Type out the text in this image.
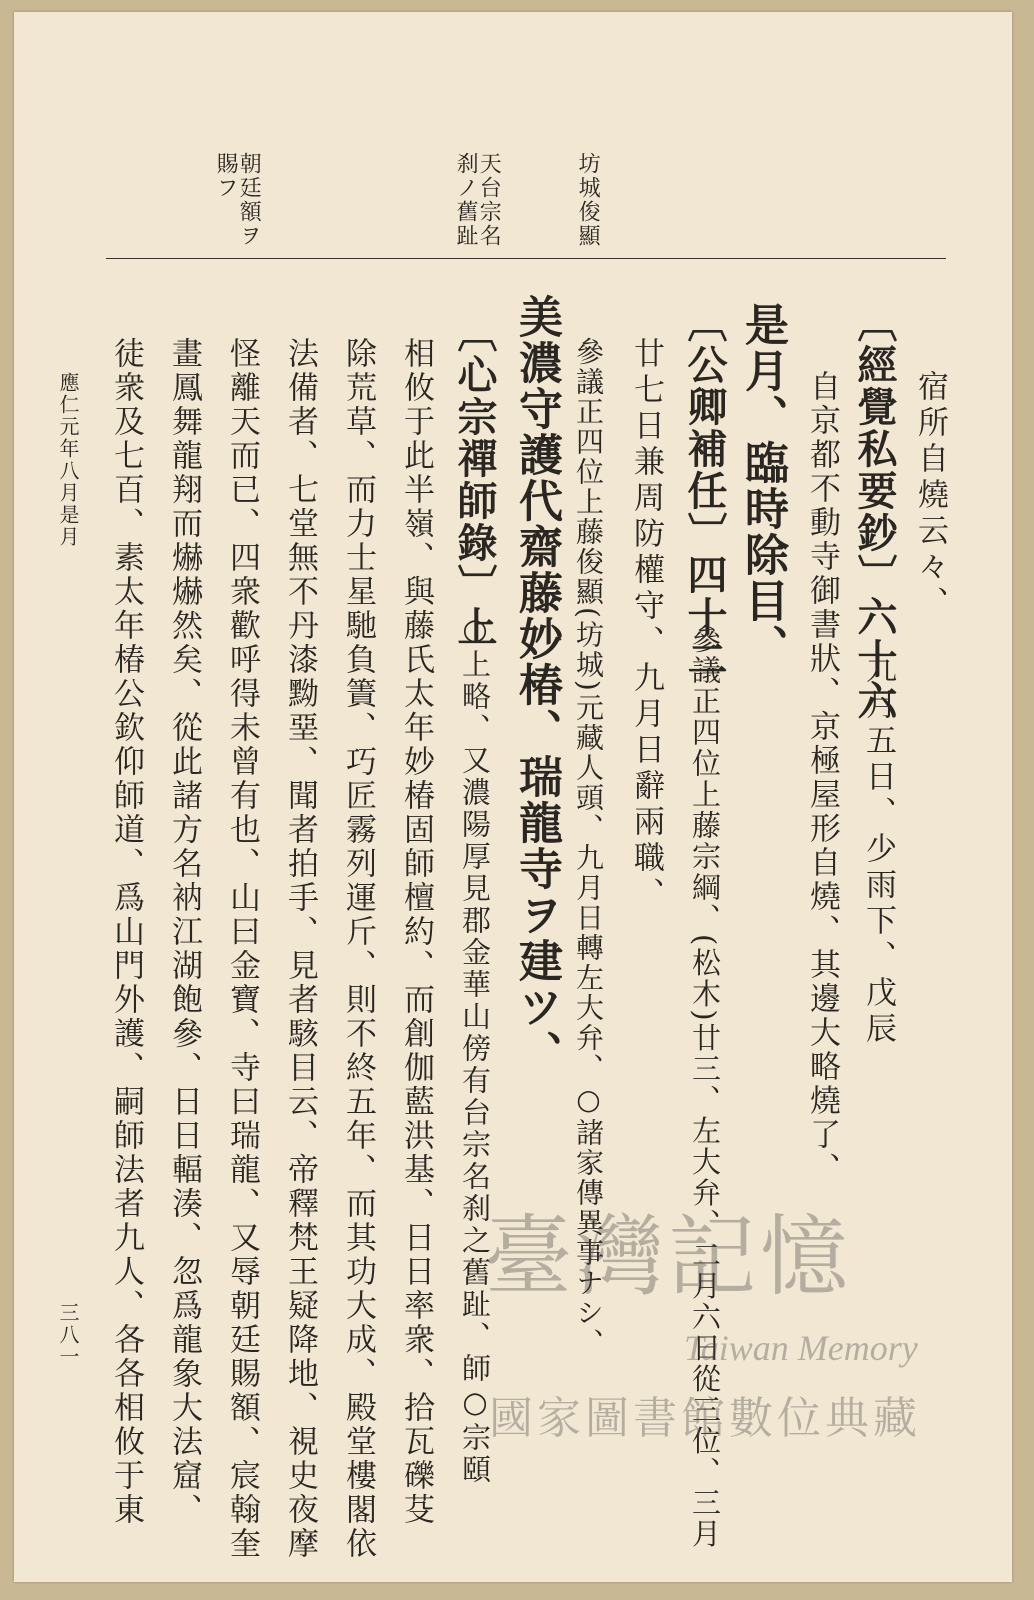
坊城俊顯
天台宗名刹ノ舊趾
朝廷額ヲ賜フ
宿所自燒云々、
〔經覺私要鈔〕六十六
九月五日、少雨下、戊辰
自京都不動寺御書狀、京極屋形自燒、其邊大略燒了、
是月、臨時除目、
〔公卿補任〕四十二
參議正四位上藤宗綱、(松木)廿三、左大弁、二月六日從三位、三月
廿七日兼周防權守、九月日辭兩職、
參議正四位上藤俊顯(坊城)元藏人頭、九月日轉左大弁、○諸家傳異事ナシ、
美濃守護代齋藤妙椿、瑞龍寺ヲ建ツ、
〔心宗禪師錄〕上
○上略、又濃陽厚見郡金華山傍有台宗名刹之舊趾、師○宗頤
相攸于此半嶺、與藤氏太年妙椿固師檀約、而創伽藍洪基、日日率衆、拾瓦礫芟
除荒草、而力士星馳負簀、巧匠霧列運斤、則不終五年、而其功大成、殿堂樓閣依
法備者、七堂無不丹漆黝堊、聞者拍手、見者駭目云、帝釋梵王疑降地、視史夜摩
怪離天而已、四衆歡呼得未曾有也、山曰金寶、寺曰瑞龍、又辱朝廷賜額、宸翰奎
畫鳳舞龍翔而爀爀然矣、從此諸方名衲江湖飽參、日日輻湊、忽爲龍象大法窟、
徒衆及七百、素太年椿公欽仰師道、爲山門外護、嗣師法者九人、各各相攸于東
應仁元年八月是月
三八一
臺灣記憶
Taiwan Memory
國家圖書館數位典藏
